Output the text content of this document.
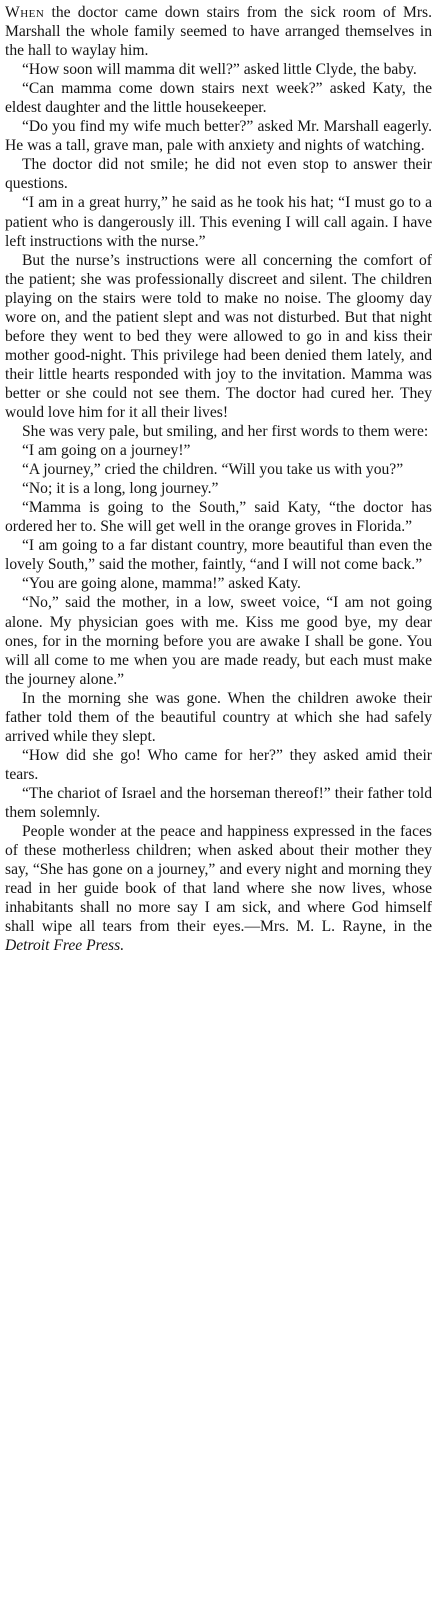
When the doctor came down stairs from the sick room of Mrs. Marshall the whole family seemed to have arranged themselves in the hall to waylay him.

“How soon will mamma dit well?” asked little Clyde, the baby.

“Can mamma come down stairs next week?” asked Katy, the eldest daughter and the little housekeeper.

“Do you find my wife much better?” asked Mr. Marshall eagerly. He was a tall, grave man, pale with anxiety and nights of watching.

The doctor did not smile; he did not even stop to answer their questions.

“I am in a great hurry,” he said as he took his hat; “I must go to a patient who is dangerously ill. This evening I will call again. I have left instructions with the nurse.”

But the nurse’s instructions were all concerning the comfort of the patient; she was professionally discreet and silent. The children playing on the stairs were told to make no noise. The gloomy day wore on, and the patient slept and was not disturbed. But that night before they went to bed they were allowed to go in and kiss their mother good-night. This privilege had been denied them lately, and their little hearts responded with joy to the invitation. Mamma was better or she could not see them. The doctor had cured her. They would love him for it all their lives!

She was very pale, but smiling, and her first words to them were:

“I am going on a journey!”

“A journey,” cried the children. “Will you take us with you?”

“No; it is a long, long journey.”

“Mamma is going to the South,” said Katy, “the doctor has ordered her to. She will get well in the orange groves in Florida.”

“I am going to a far distant country, more beautiful than even the lovely South,” said the mother, faintly, “and I will not come back.”

“You are going alone, mamma!” asked Katy.

“No,” said the mother, in a low, sweet voice, “I am not going alone. My physician goes with me. Kiss me good bye, my dear ones, for in the morning before you are awake I shall be gone. You will all come to me when you are made ready, but each must make the journey alone.”

In the morning she was gone. When the children awoke their father told them of the beautiful country at which she had safely arrived while they slept.

“How did she go! Who came for her?” they asked amid their tears.

“The chariot of Israel and the horseman thereof!” their father told them solemnly.

People wonder at the peace and happiness expressed in the faces of these motherless children; when asked about their mother they say, “She has gone on a journey,” and every night and morning they read in her guide book of that land where she now lives, whose inhabitants shall no more say I am sick, and where God himself shall wipe all tears from their eyes.—Mrs. M. L. Rayne, in the Detroit Free Press.
